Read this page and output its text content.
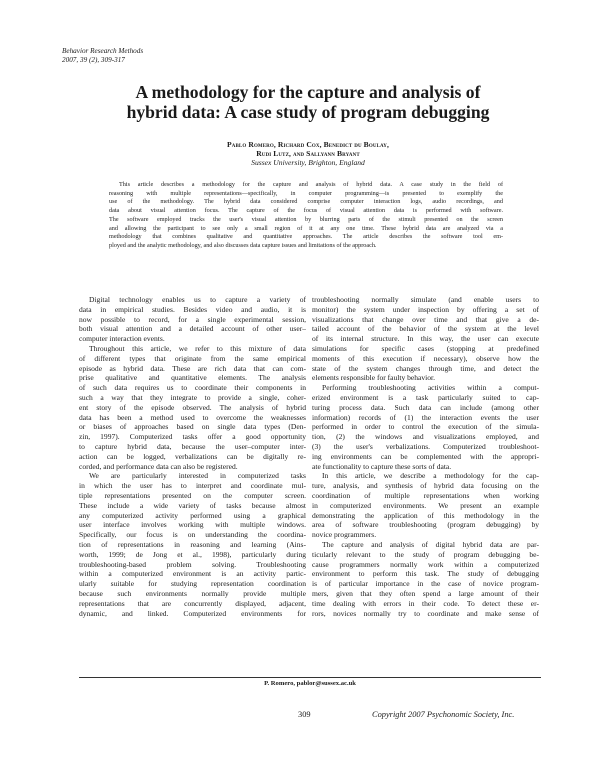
Behavior Research Methods
2007, 39 (2), 309-317
A methodology for the capture and analysis of
hybrid data: A case study of program debugging
Pablo Romero, Richard Cox, Benedict du Boulay,
Rudi Lutz, and Sallyann Bryant
Sussex University, Brighton, England
This article describes a methodology for the capture and analysis of hybrid data. A case study in the field of
reasoning with multiple representations—specifically, in computer programming—is presented to exemplify the
use of the methodology. The hybrid data considered comprise computer interaction logs, audio recordings, and
data about visual attention focus. The capture of the focus of visual attention data is performed with software.
The software employed tracks the user's visual attention by blurring parts of the stimuli presented on the screen
and allowing the participant to see only a small region of it at any one time. These hybrid data are analyzed via a
methodology that combines qualitative and quantitative approaches. The article describes the software tool em-
ployed and the analytic methodology, and also discusses data capture issues and limitations of the approach.
Digital technology enables us to capture a variety of
data in empirical studies. Besides video and audio, it is
now possible to record, for a single experimental session,
both visual attention and a detailed account of other user–
computer interaction events.
Throughout this article, we refer to this mixture of data
of different types that originate from the same empirical
episode as hybrid data. These are rich data that can com-
prise qualitative and quantitative elements. The analysis
of such data requires us to coordinate their components in
such a way that they integrate to provide a single, coher-
ent story of the episode observed. The analysis of hybrid
data has been a method used to overcome the weaknesses
or biases of approaches based on single data types (Den-
zin, 1997). Computerized tasks offer a good opportunity
to capture hybrid data, because the user–computer inter-
action can be logged, verbalizations can be digitally re-
corded, and performance data can also be registered.
We are particularly interested in computerized tasks
in which the user has to interpret and coordinate mul-
tiple representations presented on the computer screen.
These include a wide variety of tasks because almost
any computerized activity performed using a graphical
user interface involves working with multiple windows.
Specifically, our focus is on understanding the coordina-
tion of representations in reasoning and learning (Ains-
worth, 1999; de Jong et al., 1998), particularly during
troubleshooting-based problem solving. Troubleshooting
within a computerized environment is an activity partic-
ularly suitable for studying representation coordination
because such environments normally provide multiple
representations that are concurrently displayed, adjacent,
dynamic, and linked. Computerized environments for
troubleshooting normally simulate (and enable users to
monitor) the system under inspection by offering a set of
visualizations that change over time and that give a de-
tailed account of the behavior of the system at the level
of its internal structure. In this way, the user can execute
simulations for specific cases (stopping at predefined
moments of this execution if necessary), observe how the
state of the system changes through time, and detect the
elements responsible for faulty behavior.
Performing troubleshooting activities within a comput-
erized environment is a task particularly suited to cap-
turing process data. Such data can include (among other
information) records of (1) the interaction events the user
performed in order to control the execution of the simula-
tion, (2) the windows and visualizations employed, and
(3) the user's verbalizations. Computerized troubleshoot-
ing environments can be complemented with the appropri-
ate functionality to capture these sorts of data.
In this article, we describe a methodology for the cap-
ture, analysis, and synthesis of hybrid data focusing on the
coordination of multiple representations when working
in computerized environments. We present an example
demonstrating the application of this methodology in the
area of software troubleshooting (program debugging) by
novice programmers.
The capture and analysis of digital hybrid data are par-
ticularly relevant to the study of program debugging be-
cause programmers normally work within a computerized
environment to perform this task. The study of debugging
is of particular importance in the case of novice program-
mers, given that they often spend a large amount of their
time dealing with errors in their code. To detect these er-
rors, novices normally try to coordinate and make sense of
P. Romero, pablor@sussex.ac.uk
309	Copyright 2007 Psychonomic Society, Inc.
